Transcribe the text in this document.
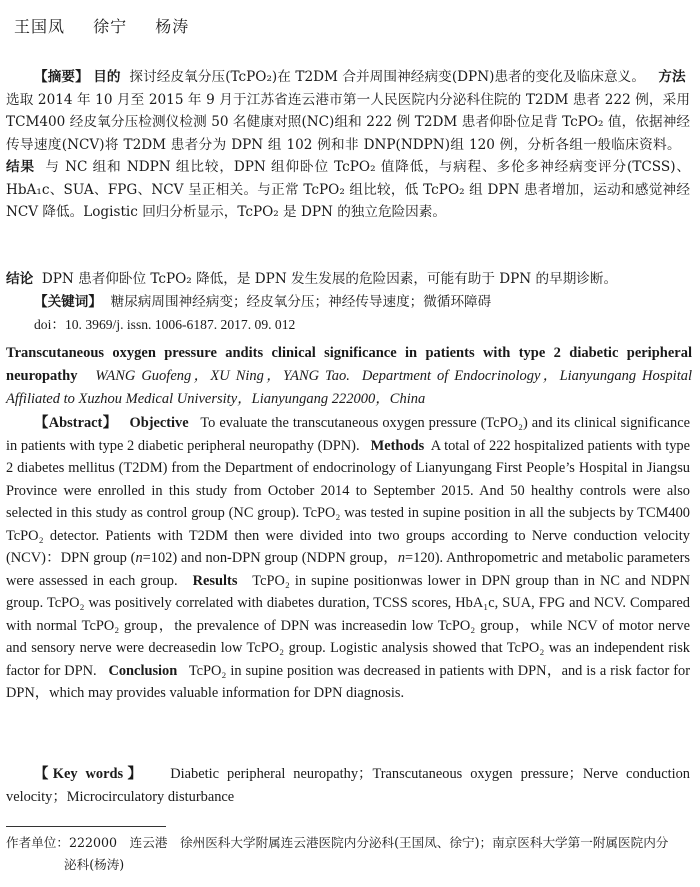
王国凤 徐宁 杨涛
【摘要】 目的 探讨经皮氧分压(TcPO₂)在 T2DM 合并周围神经病变(DPN)患者的变化及临床意义。 方法  选取 2014 年 10 月至 2015 年 9 月于江苏省连云港市第一人民医院内分泌科住院的 T2DM 患者 222 例，采用 TCM400 经皮氧分压检测仪检测 50 名健康对照(NC)组和 222 例 T2DM 患者仰卧位足背 TcPO₂ 值，依据神经传导速度(NCV)将 T2DM 患者分为 DPN 组 102 例和非 DNP(NDPN)组 120 例，分析各组一般临床资料。   结果 与 NC 组和 NDPN 组比较，DPN 组仰卧位 TcPO₂ 值降低，与病程、多伦多神经病变评分(TCSS)、HbA₁c、SUA、FPG、NCV 呈正相关。与正常 TcPO₂ 组比较，低 TcPO₂ 组 DPN 患者增加，运动和感觉神经 NCV 降低。Logistic 回归分析显示，TcPO₂ 是 DPN 的独立危险因素。
结论 DPN 患者仰卧位 TcPO₂ 降低，是 DPN 发生发展的危险因素，可能有助于 DPN 的早期诊断。
【关键词】 糖尿病周围神经病变；经皮氧分压；神经传导速度；微循环障碍
doi：10. 3969/j. issn. 1006-6187. 2017. 09. 012
Transcutaneous oxygen pressure andits clinical significance in patients with type 2 diabetic peripheral neuropathy WANG Guofeng，XU Ning，YANG Tao. Department of Endocrinology，Lianyungang Hospital Affiliated to Xuzhou Medical University，Lianyungang 222000，China
【Abstract】 Objective To evaluate the transcutaneous oxygen pressure (TcPO₂) and its clinical significance in patients with type 2 diabetic peripheral neuropathy (DPN). Methods A total of 222 hospitalized patients with type 2 diabetes mellitus (T2DM) from the Department of endocrinology of Lianyungang First People’s Hospital in Jiangsu Province were enrolled in this study from October 2014 to September 2015. And 50 healthy controls were also selected in this study as control group (NC group). TcPO₂ was tested in supine position in all the subjects by TCM400 TcPO₂ detector. Patients with T2DM then were divided into two groups according to Nerve conduction velocity (NCV)：DPN group (n=102) and non-DPN group (NDPN group，n=120). Anthropometric and metabolic parameters were assessed in each group. Results TcPO₂ in supine positionwas lower in DPN group than in NC and NDPN group. TcPO₂ was positively correlated with diabetes duration, TCSS scores, HbA₁c, SUA, FPG and NCV. Compared with normal TcPO₂ group，the prevalence of DPN was increasedin low TcPO₂ group，while NCV of motor nerve and sensory nerve were decreasedin low TcPO₂ group. Logistic analysis showed that TcPO₂ was an independent risk factor for DPN. Conclusion TcPO₂ in supine position was decreased in patients with DPN，and is a risk factor for DPN，which may provides valuable information for DPN diagnosis.
【Key words】 Diabetic peripheral neuropathy；Transcutaneous oxygen pressure；Nerve conduction velocity；Microcirculatory disturbance
作者单位：222000　连云港　徐州医科大学附属连云港医院内分泌科(王国凤、徐宁)；南京医科大学第一附属医院内分
泌科(杨涛)
